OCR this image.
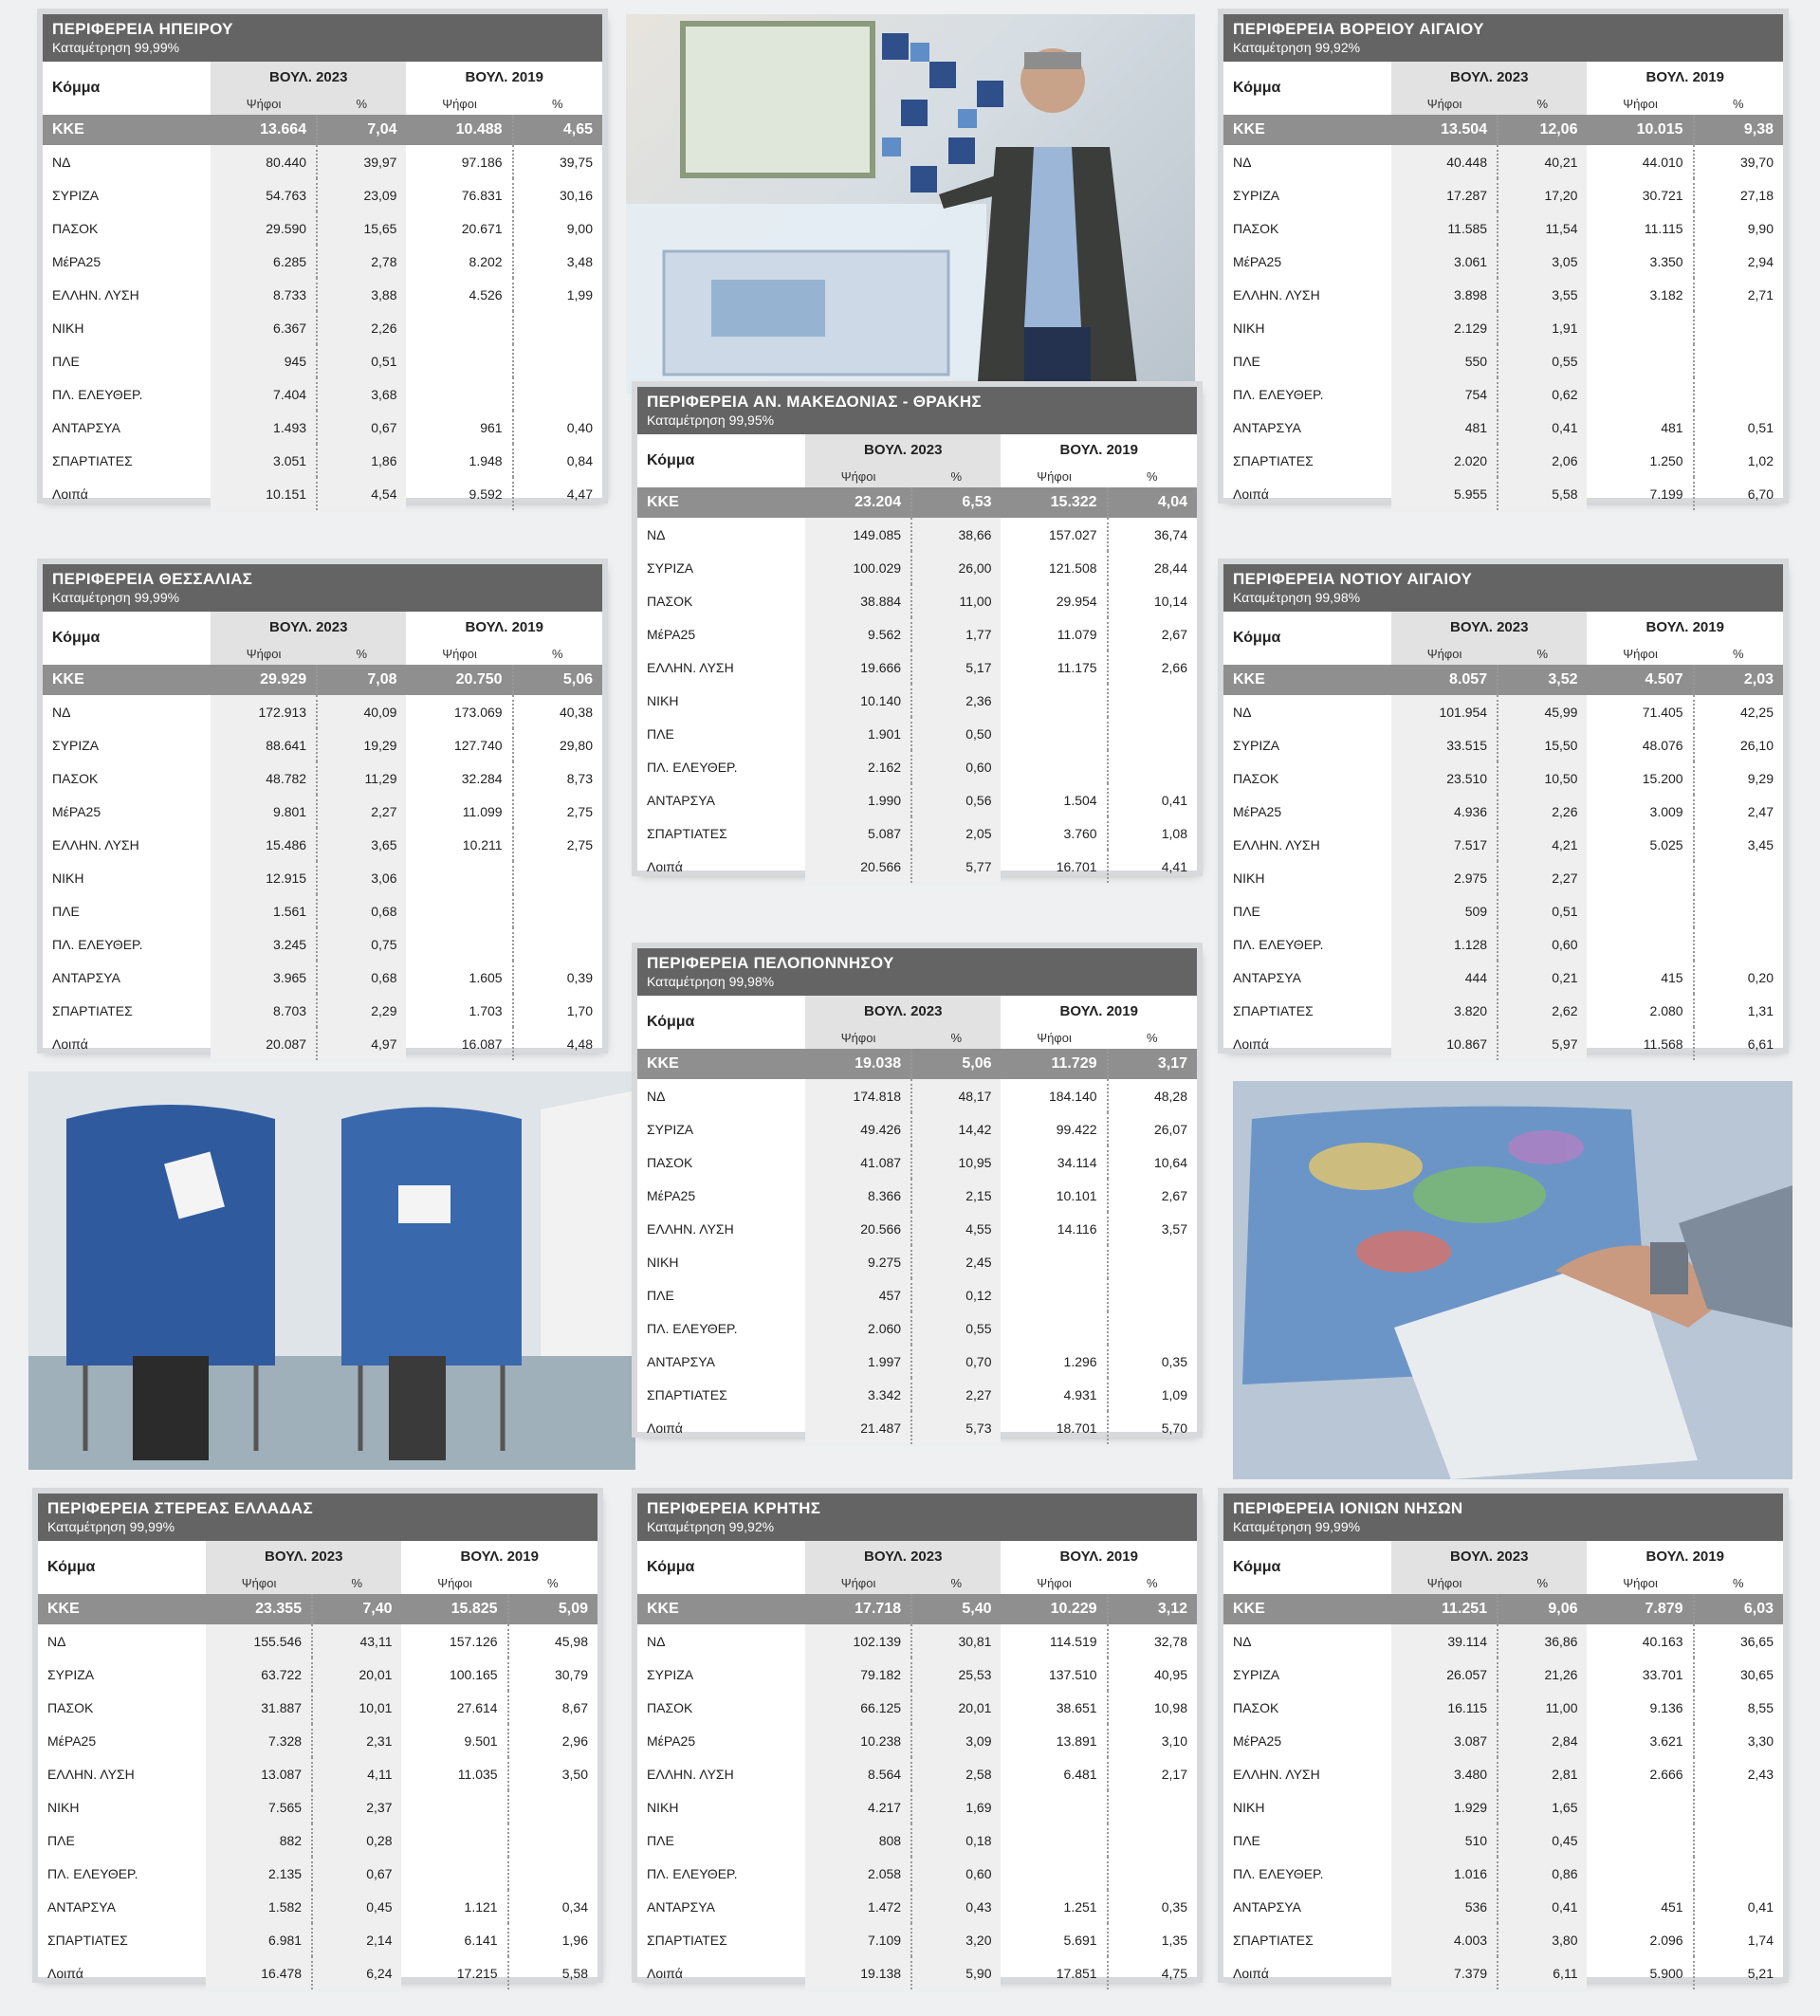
ΠΕΡΙΦΕΡΕΙΑ ΗΠΕΙΡΟΥ
Καταμέτρηση 99,99%
Κόμμα	ΒΟΥΛ. 2023		ΒΟΥΛ. 2019	
	Ψήφοι	%	Ψήφοι	%
ΚΚΕ	13.664	7,04	10.488	4,65
ΝΔ	80.440	39,97	97.186	39,75
ΣΥΡΙΖΑ	54.763	23,09	76.831	30,16
ΠΑΣΟΚ	29.590	15,65	20.671	9,00
ΜέΡΑ25	6.285	2,78	8.202	3,48
ΕΛΛΗΝ. ΛΥΣΗ	8.733	3,88	4.526	1,99
ΝΙΚΗ	6.367	2,26		
ΠΛΕ	945	0,51		
ΠΛ. ΕΛΕΥΘΕΡ.	7.404	3,68		
ΑΝΤΑΡΣΥΑ	1.493	0,67	961	0,40
ΣΠΑΡΤΙΑΤΕΣ	3.051	1,86	1.948	0,84
Λοιπά	10.151	4,54	9.592	4,47
ΠΕΡΙΦΕΡΕΙΑ ΒΟΡΕΙΟΥ ΑΙΓΑΙΟΥ
Καταμέτρηση 99,92%
Κόμμα	ΒΟΥΛ. 2023		ΒΟΥΛ. 2019	
	Ψήφοι	%	Ψήφοι	%
ΚΚΕ	13.504	12,06	10.015	9,38
ΝΔ	40.448	40,21	44.010	39,70
ΣΥΡΙΖΑ	17.287	17,20	30.721	27,18
ΠΑΣΟΚ	11.585	11,54	11.115	9,90
ΜέΡΑ25	3.061	3,05	3.350	2,94
ΕΛΛΗΝ. ΛΥΣΗ	3.898	3,55	3.182	2,71
ΝΙΚΗ	2.129	1,91		
ΠΛΕ	550	0,55		
ΠΛ. ΕΛΕΥΘΕΡ.	754	0,62		
ΑΝΤΑΡΣΥΑ	481	0,41	481	0,51
ΣΠΑΡΤΙΑΤΕΣ	2.020	2,06	1.250	1,02
Λοιπά	5.955	5,58	7.199	6,70
ΠΕΡΙΦΕΡΕΙΑ ΑΝ. ΜΑΚΕΔΟΝΙΑΣ - ΘΡΑΚΗΣ
Καταμέτρηση 99,95%
Κόμμα	ΒΟΥΛ. 2023		ΒΟΥΛ. 2019	
	Ψήφοι	%	Ψήφοι	%
ΚΚΕ	23.204	6,53	15.322	4,04
ΝΔ	149.085	38,66	157.027	36,74
ΣΥΡΙΖΑ	100.029	26,00	121.508	28,44
ΠΑΣΟΚ	38.884	11,00	29.954	10,14
ΜέΡΑ25	9.562	1,77	11.079	2,67
ΕΛΛΗΝ. ΛΥΣΗ	19.666	5,17	11.175	2,66
ΝΙΚΗ	10.140	2,36		
ΠΛΕ	1.901	0,50		
ΠΛ. ΕΛΕΥΘΕΡ.	2.162	0,60		
ΑΝΤΑΡΣΥΑ	1.990	0,56	1.504	0,41
ΣΠΑΡΤΙΑΤΕΣ	5.087	2,05	3.760	1,08
Λοιπά	20.566	5,77	16.701	4,41
ΠΕΡΙΦΕΡΕΙΑ ΘΕΣΣΑΛΙΑΣ
Καταμέτρηση 99,99%
Κόμμα	ΒΟΥΛ. 2023		ΒΟΥΛ. 2019	
	Ψήφοι	%	Ψήφοι	%
ΚΚΕ	29.929	7,08	20.750	5,06
ΝΔ	172.913	40,09	173.069	40,38
ΣΥΡΙΖΑ	88.641	19,29	127.740	29,80
ΠΑΣΟΚ	48.782	11,29	32.284	8,73
ΜέΡΑ25	9.801	2,27	11.099	2,75
ΕΛΛΗΝ. ΛΥΣΗ	15.486	3,65	10.211	2,75
ΝΙΚΗ	12.915	3,06		
ΠΛΕ	1.561	0,68		
ΠΛ. ΕΛΕΥΘΕΡ.	3.245	0,75		
ΑΝΤΑΡΣΥΑ	3.965	0,68	1.605	0,39
ΣΠΑΡΤΙΑΤΕΣ	8.703	2,29	1.703	1,70
Λοιπά	20.087	4,97	16.087	4,48
ΠΕΡΙΦΕΡΕΙΑ ΝΟΤΙΟΥ ΑΙΓΑΙΟΥ
Καταμέτρηση 99,98%
Κόμμα	ΒΟΥΛ. 2023		ΒΟΥΛ. 2019	
	Ψήφοι	%	Ψήφοι	%
ΚΚΕ	8.057	3,52	4.507	2,03
ΝΔ	101.954	45,99	71.405	42,25
ΣΥΡΙΖΑ	33.515	15,50	48.076	26,10
ΠΑΣΟΚ	23.510	10,50	15.200	9,29
ΜέΡΑ25	4.936	2,26	3.009	2,47
ΕΛΛΗΝ. ΛΥΣΗ	7.517	4,21	5.025	3,45
ΝΙΚΗ	2.975	2,27		
ΠΛΕ	509	0,51		
ΠΛ. ΕΛΕΥΘΕΡ.	1.128	0,60		
ΑΝΤΑΡΣΥΑ	444	0,21	415	0,20
ΣΠΑΡΤΙΑΤΕΣ	3.820	2,62	2.080	1,31
Λοιπά	10.867	5,97	11.568	6,61
ΠΕΡΙΦΕΡΕΙΑ ΠΕΛΟΠΟΝΝΗΣΟΥ
Καταμέτρηση 99,98%
Κόμμα	ΒΟΥΛ. 2023		ΒΟΥΛ. 2019	
	Ψήφοι	%	Ψήφοι	%
ΚΚΕ	19.038	5,06	11.729	3,17
ΝΔ	174.818	48,17	184.140	48,28
ΣΥΡΙΖΑ	49.426	14,42	99.422	26,07
ΠΑΣΟΚ	41.087	10,95	34.114	10,64
ΜέΡΑ25	8.366	2,15	10.101	2,67
ΕΛΛΗΝ. ΛΥΣΗ	20.566	4,55	14.116	3,57
ΝΙΚΗ	9.275	2,45		
ΠΛΕ	457	0,12		
ΠΛ. ΕΛΕΥΘΕΡ.	2.060	0,55		
ΑΝΤΑΡΣΥΑ	1.997	0,70	1.296	0,35
ΣΠΑΡΤΙΑΤΕΣ	3.342	2,27	4.931	1,09
Λοιπά	21.487	5,73	18.701	5,70
ΠΕΡΙΦΕΡΕΙΑ ΣΤΕΡΕΑΣ ΕΛΛΑΔΑΣ
Καταμέτρηση 99,99%
Κόμμα	ΒΟΥΛ. 2023		ΒΟΥΛ. 2019	
	Ψήφοι	%	Ψήφοι	%
ΚΚΕ	23.355	7,40	15.825	5,09
ΝΔ	155.546	43,11	157.126	45,98
ΣΥΡΙΖΑ	63.722	20,01	100.165	30,79
ΠΑΣΟΚ	31.887	10,01	27.614	8,67
ΜέΡΑ25	7.328	2,31	9.501	2,96
ΕΛΛΗΝ. ΛΥΣΗ	13.087	4,11	11.035	3,50
ΝΙΚΗ	7.565	2,37		
ΠΛΕ	882	0,28		
ΠΛ. ΕΛΕΥΘΕΡ.	2.135	0,67		
ΑΝΤΑΡΣΥΑ	1.582	0,45	1.121	0,34
ΣΠΑΡΤΙΑΤΕΣ	6.981	2,14	6.141	1,96
Λοιπά	16.478	6,24	17.215	5,58
ΠΕΡΙΦΕΡΕΙΑ ΚΡΗΤΗΣ
Καταμέτρηση 99,92%
Κόμμα	ΒΟΥΛ. 2023		ΒΟΥΛ. 2019	
	Ψήφοι	%	Ψήφοι	%
ΚΚΕ	17.718	5,40	10.229	3,12
ΝΔ	102.139	30,81	114.519	32,78
ΣΥΡΙΖΑ	79.182	25,53	137.510	40,95
ΠΑΣΟΚ	66.125	20,01	38.651	10,98
ΜέΡΑ25	10.238	3,09	13.891	3,10
ΕΛΛΗΝ. ΛΥΣΗ	8.564	2,58	6.481	2,17
ΝΙΚΗ	4.217	1,69		
ΠΛΕ	808	0,18		
ΠΛ. ΕΛΕΥΘΕΡ.	2.058	0,60		
ΑΝΤΑΡΣΥΑ	1.472	0,43	1.251	0,35
ΣΠΑΡΤΙΑΤΕΣ	7.109	3,20	5.691	1,35
Λοιπά	19.138	5,90	17.851	4,75
ΠΕΡΙΦΕΡΕΙΑ ΙΟΝΙΩΝ ΝΗΣΩΝ
Καταμέτρηση 99,99%
Κόμμα	ΒΟΥΛ. 2023		ΒΟΥΛ. 2019	
	Ψήφοι	%	Ψήφοι	%
ΚΚΕ	11.251	9,06	7.879	6,03
ΝΔ	39.114	36,86	40.163	36,65
ΣΥΡΙΖΑ	26.057	21,26	33.701	30,65
ΠΑΣΟΚ	16.115	11,00	9.136	8,55
ΜέΡΑ25	3.087	2,84	3.621	3,30
ΕΛΛΗΝ. ΛΥΣΗ	3.480	2,81	2.666	2,43
ΝΙΚΗ	1.929	1,65		
ΠΛΕ	510	0,45		
ΠΛ. ΕΛΕΥΘΕΡ.	1.016	0,86		
ΑΝΤΑΡΣΥΑ	536	0,41	451	0,41
ΣΠΑΡΤΙΑΤΕΣ	4.003	3,80	2.096	1,74
Λοιπά	7.379	6,11	5.900	5,21
